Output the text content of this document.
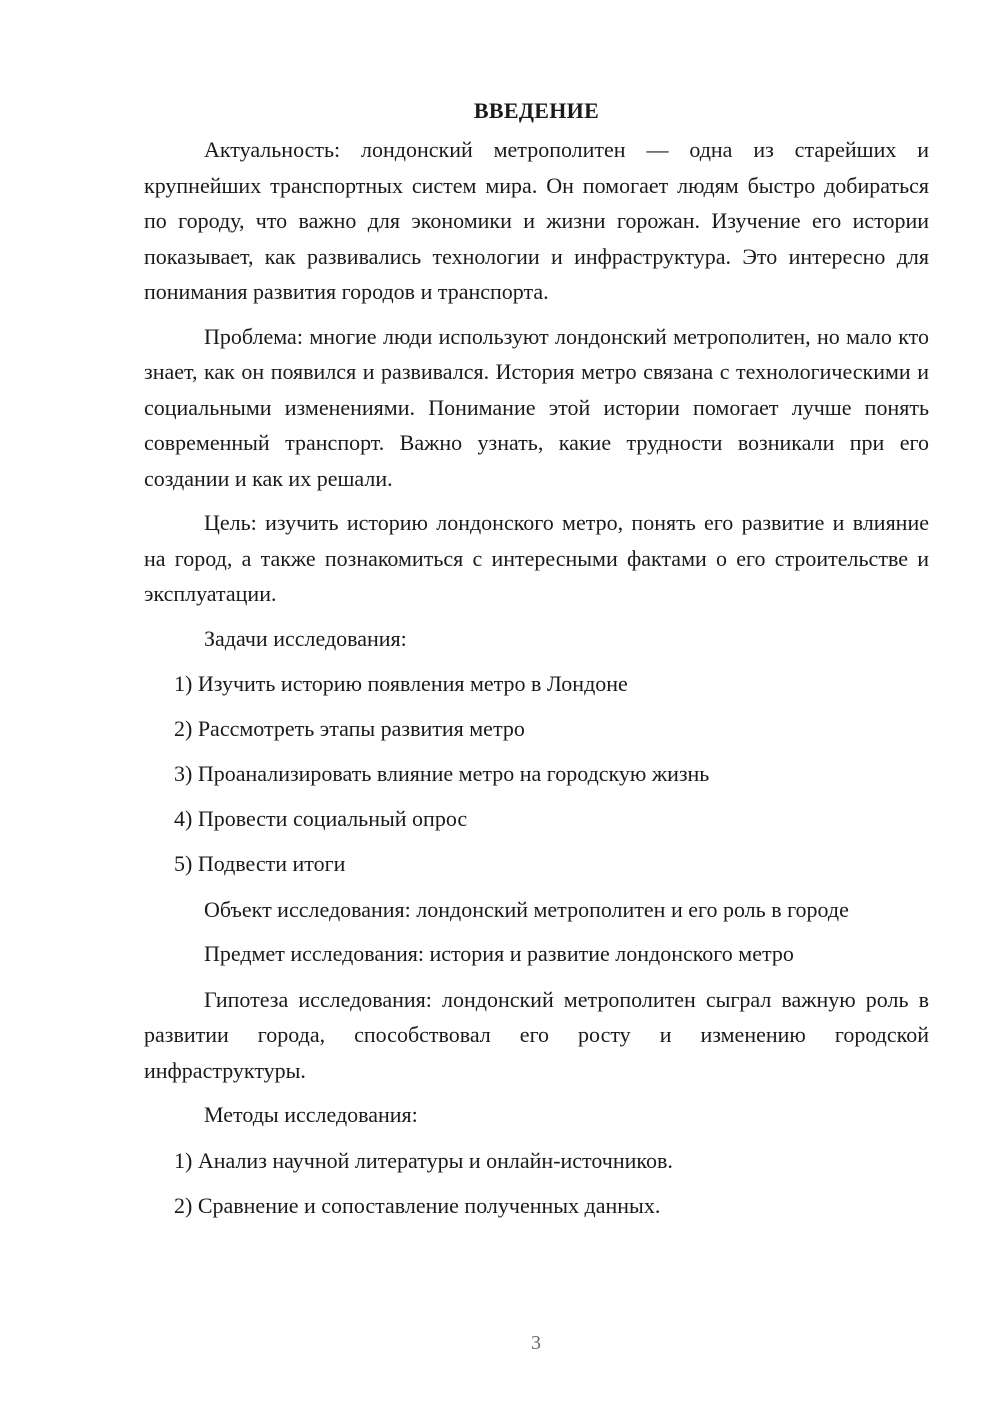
ВВЕДЕНИЕ

Актуальность: лондонский метрополитен — одна из старейших и крупнейших транспортных систем мира. Он помогает людям быстро добираться по городу, что важно для экономики и жизни горожан. Изучение его истории показывает, как развивались технологии и инфраструктура. Это интересно для понимания развития городов и транспорта.

Проблема: многие люди используют лондонский метрополитен, но мало кто знает, как он появился и развивался. История метро связана с технологическими и социальными изменениями. Понимание этой истории помогает лучше понять современный транспорт. Важно узнать, какие трудности возникали при его создании и как их решали.

Цель: изучить историю лондонского метро, понять его развитие и влияние на город, а также познакомиться с интересными фактами о его строительстве и эксплуатации.

Задачи исследования:

1) Изучить историю появления метро в Лондоне
2) Рассмотреть этапы развития метро
3) Проанализировать влияние метро на городскую жизнь
4) Провести социальный опрос
5) Подвести итоги

Объект исследования: лондонский метрополитен и его роль в городе

Предмет исследования: история и развитие лондонского метро

Гипотеза исследования: лондонский метрополитен сыграл важную роль в развитии города, способствовал его росту и изменению городской инфраструктуры.

Методы исследования:

1) Анализ научной литературы и онлайн-источников.
2) Сравнение и сопоставление полученных данных.
3
